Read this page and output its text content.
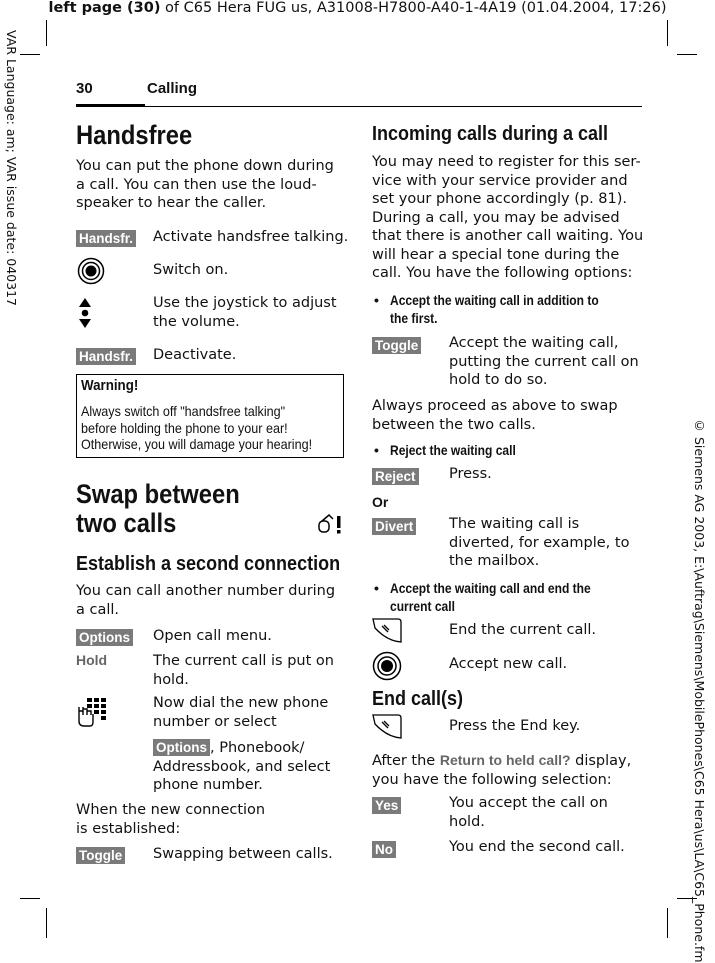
left page (30) of C65 Hera FUG us, A31008-H7800-A40-1-4A19 (01.04.2004, 17:26)
VAR Language: am; VAR issue date: 040317
© Siemens AG 2003, E:\Auftrag\Siemens\MobilePhones\C65 Hera\us\LA\C65_Phone.fm
30	Calling
Handsfree
You can put the phone down during
a call. You can then use the loud-
speaker to hear the caller.
Handsfr. Activate handsfree talking.
Switch on.
Use the joystick to adjust
the volume.
Handsfr. Deactivate.
Warning!
Always switch off "handsfree talking"
before holding the phone to your ear!
Otherwise, you will damage your hearing!
Swap between
two calls
Establish a second connection
You can call another number during
a call.
Options Open call menu.
Hold	The current call is put on
hold.
Now dial the new phone
number or select
Options , Phonebook/
Addressbook, and select
phone number.
When the new connection
is established:
Toggle Swapping between calls.
Incoming calls during a call
You may need to register for this ser-
vice with your service provider and
set your phone accordingly (p. 81).
During a call, you may be advised
that there is another call waiting. You
will hear a special tone during the
call. You have the following options:
• Accept the waiting call in addition to
the first.
Toggle Accept the waiting call,
putting the current call on
hold to do so.
Always proceed as above to swap
between the two calls.
• Reject the waiting call
Reject Press.
Or
Divert The waiting call is
diverted, for example, to
the mailbox.
• Accept the waiting call and end the
current call
End the current call.
Accept new call.
End call(s)
Press the End key.
After the Return to held call? display,
you have the following selection:
Yes	You accept the call on
hold.
No	You end the second call.
